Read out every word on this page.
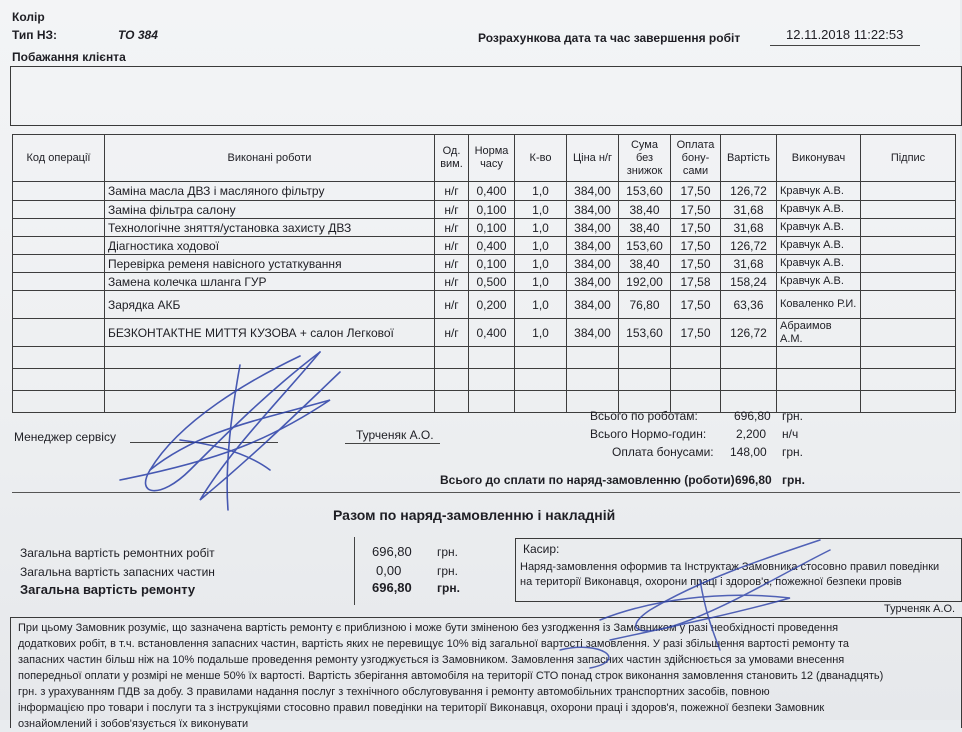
Колір
Тип НЗ:	ТО 384	Розрахункова дата та час завершення робіт	12.11.2018 11:22:53
Побажання клієнта
Код операції	Виконані роботи	Од. вим.	Норма часу	К-во	Ціна н/г	Сума без знижок	Оплата бону- сами	Вартість	Виконувач	Підпис
	Заміна масла ДВЗ і масляного фільтру	н/г	0,400	1,0	384,00	153,60	17,50	126,72	Кравчук А.В.	
	Заміна фільтра салону	н/г	0,100	1,0	384,00	38,40	17,50	31,68	Кравчук А.В.	
	Технологічне зняття/установка захисту ДВЗ	н/г	0,100	1,0	384,00	38,40	17,50	31,68	Кравчук А.В.	
	Діагностика ходової	н/г	0,400	1,0	384,00	153,60	17,50	126,72	Кравчук А.В.	
	Перевірка ременя навісного устаткування	н/г	0,100	1,0	384,00	38,40	17,50	31,68	Кравчук А.В.	
	Замена колечка шланга ГУР	н/г	0,500	1,0	384,00	192,00	17,58	158,24	Кравчук А.В.	
	Зарядка АКБ	н/г	0,200	1,0	384,00	76,80	17,50	63,36	Коваленко Р.И.	
	БЕЗКОНТАКТНЕ МИТТЯ КУЗОВА + салон Легкової	н/г	0,400	1,0	384,00	153,60	17,50	126,72	Абраимов А.М.	

Всього по роботам:	696,80 грн.
Всього Нормо-годин: 2,200 н/ч
Оплата бонусами: 148,00 грн.
Всього до сплати по наряд-замовленню (роботи) 696,80 грн.
Менеджер сервісу	Турченяк А.О.
Разом по наряд-замовленню і накладній
Загальна вартість ремонтних робіт	696,80 грн.
Загальна вартість запасних частин	0,00	грн.
Загальна вартість ремонту	696,80 грн.
Касир:
Наряд-замовлення оформив та Інструктаж Замовника стосовно правил поведінки
на території Виконавця, охорони праці і здоров'я, пожежної безпеки провів
Турченяк А.О.
При цьому Замовник розуміє, що зазначена вартість ремонту є приблизною і може бути зміненою без узгодження із Замовником у разі необхідності проведення
додаткових робіт, в т.ч. встановлення запасних частин, вартість яких не перевищує 10% від загальної вартості замовлення. У разі збільшення вартості ремонту та
запасних частин більш ніж на 10% подальше проведення ремонту узгоджується із Замовником. Замовлення запасних частин здійснюється за умовами внесення
попередньої оплати у розмірі не менше 50% їх вартості. Вартість зберігання автомобіля на території СТО понад строк виконання замовлення становить 12 (дванадцять)
грн. з урахуванням ПДВ за добу. З правилами надання послуг з технічного обслуговування і ремонту автомобільних транспортних засобів, повною
інформацією про товари і послуги та з інструкціями стосовно правил поведінки на території Виконавця, охорони праці і здоров'я, пожежної безпеки Замовник
ознайомлений і зобов'язується їх виконувати
